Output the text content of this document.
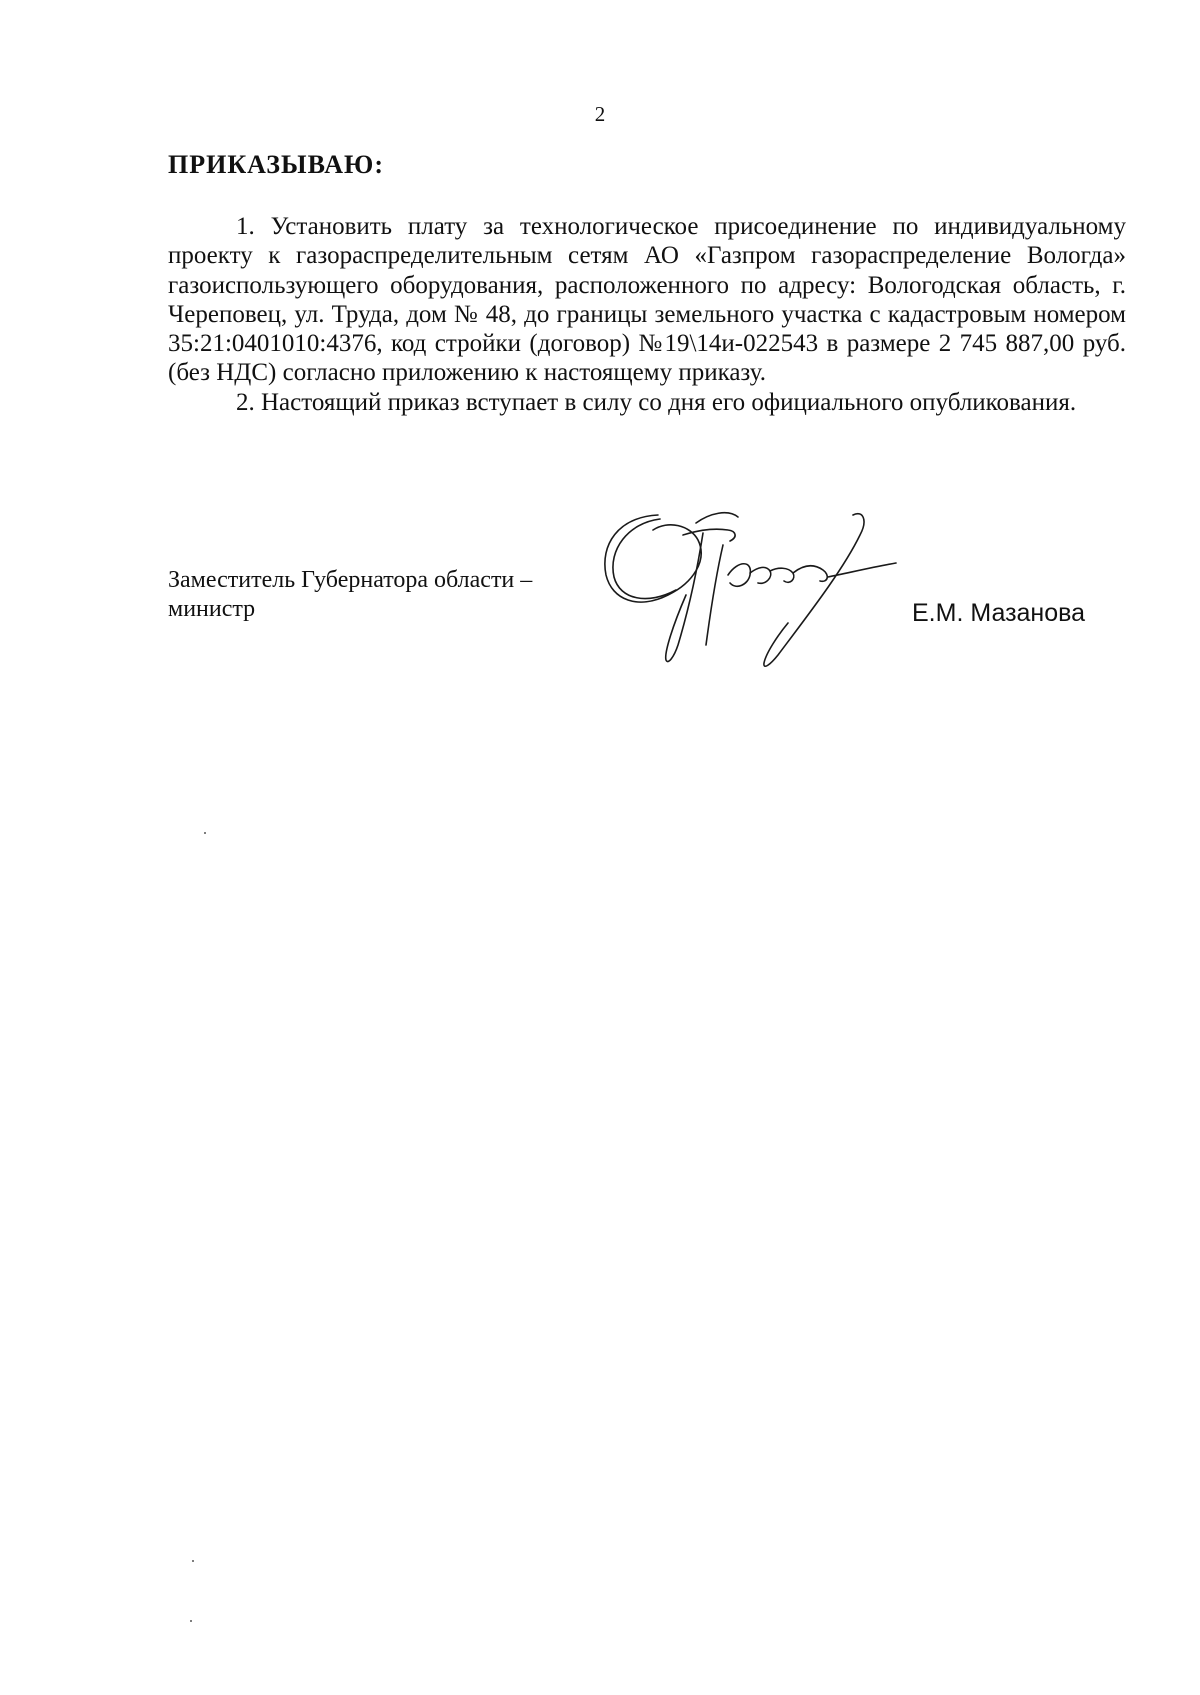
2
ПРИКАЗЫВАЮ:

1. Установить плату за технологическое присоединение по индивидуальному проекту к газораспределительным сетям АО «Газпром газораспределение Вологда» газоиспользующего оборудования, расположенного по адресу: Вологодская область, г. Череповец, ул. Труда, дом № 48, до границы земельного участка с кадастровым номером 35:21:0401010:4376, код стройки (договор) №19\14и-022543 в размере 2 745 887,00 руб. (без НДС) согласно приложению к настоящему приказу.

2. Настоящий приказ вступает в силу со дня его официального опубликования.

Заместитель Губернатора области –
министр	Е.М. Мазанова
